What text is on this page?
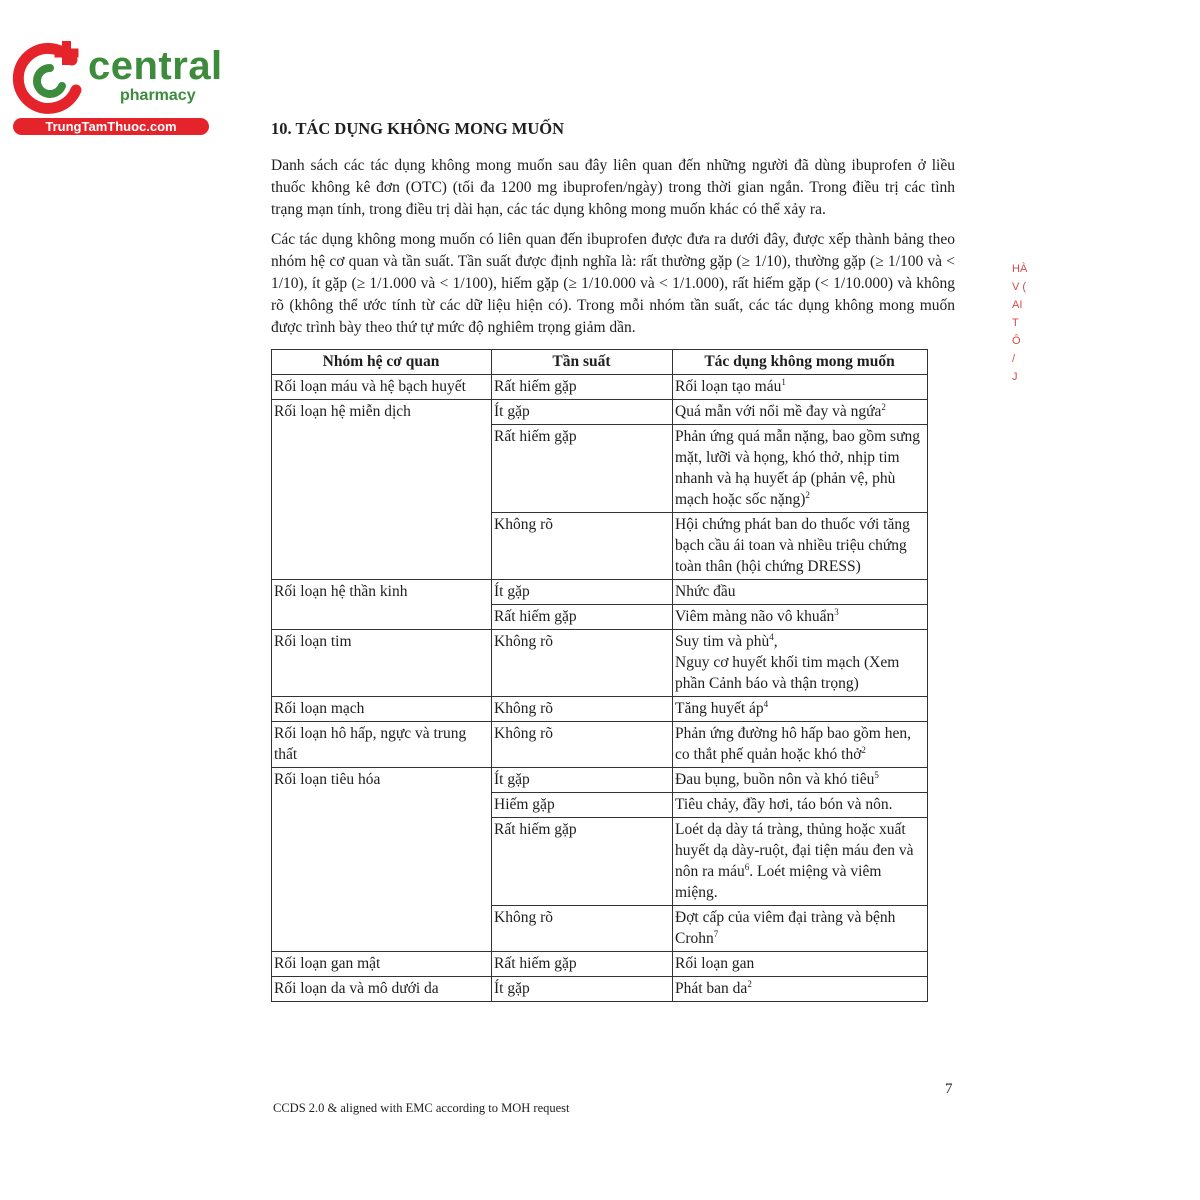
central
pharmacy
TrungTamThuoc.com	10. TÁC DỤNG KHÔNG MONG MUỐN

Danh sách các tác dụng không mong muốn sau đây liên quan đến những người đã dùng ibuprofen ở liều thuốc không kê đơn (OTC) (tối đa 1200 mg ibuprofen/ngày) trong thời gian ngắn. Trong điều trị các tình trạng mạn tính, trong điều trị dài hạn, các tác dụng không mong muốn khác có thể xảy ra.

Các tác dụng không mong muốn có liên quan đến ibuprofen được đưa ra dưới đây, được xếp thành bảng theo nhóm hệ cơ quan và tần suất. Tần suất được định nghĩa là: rất thường gặp (≥ 1/10), thường gặp (≥ 1/100 và < 1/10), ít gặp (≥ 1/1.000 và < 1/100), hiếm gặp (≥ 1/10.000 và < 1/1.000), rất hiếm gặp (< 1/10.000) và không rõ (không thể ước tính từ các dữ liệu hiện có). Trong mỗi nhóm tần suất, các tác dụng không mong muốn được trình bày theo thứ tự mức độ nghiêm trọng giảm dần.

Nhóm hệ cơ quan	Tần suất	Tác dụng không mong muốn
Rối loạn máu và hệ bạch huyết	Rất hiếm gặp	Rối loạn tạo máu$^1$
Rối loạn hệ miễn dịch	Ít gặp	Quá mẫn với nổi mề đay và ngứa$^2$
	Rất hiếm gặp	Phản ứng quá mẫn nặng, bao gồm sưng mặt, lưỡi và họng, khó thở, nhịp tim nhanh và hạ huyết áp (phản vệ, phù mạch hoặc sốc nặng)$^2$
	Không rõ	Hội chứng phát ban do thuốc với tăng bạch cầu ái toan và nhiều triệu chứng toàn thân (hội chứng DRESS)
Rối loạn hệ thần kinh	Ít gặp	Nhức đầu
	Rất hiếm gặp	Viêm màng não vô khuẩn$^3$
Rối loạn tim	Không rõ	Suy tim và phù$^4$,
Nguy cơ huyết khối tim mạch (Xem phần Cảnh báo và thận trọng)
Rối loạn mạch	Không rõ	Tăng huyết $áp^4$
Rối loạn hô hấp, ngực và trung thất	Không rõ	Phản ứng đường hô hấp bao gồm hen, co thắt phế quản hoặc khó thở$^2$
Rối loạn tiêu hóa	Ít gặp	Đau bụng, buồn nôn và khó tiêu$^5$
	Hiếm gặp	Tiêu chảy, đầy hơi, táo bón và nôn.
	Rất hiếm gặp	Loét dạ dày tá tràng, thủng hoặc xuất huyết dạ dày-ruột, đại tiện máu đen và nôn ra máu$^6$. Loét miệng và viêm miệng.
	Không rõ	Đợt cấp của viêm đại tràng và bệnh Crohn$^7$
Rối loạn gan mật	Rất hiếm gặp	Rối loạn gan
Rối loạn da và mô dưới da	Ít gặp	Phát ban $da^2$
7
CCDS 2.0 & aligned with EMC according to MOH request
HÀ
V (
AI
T
Ô
/
J
